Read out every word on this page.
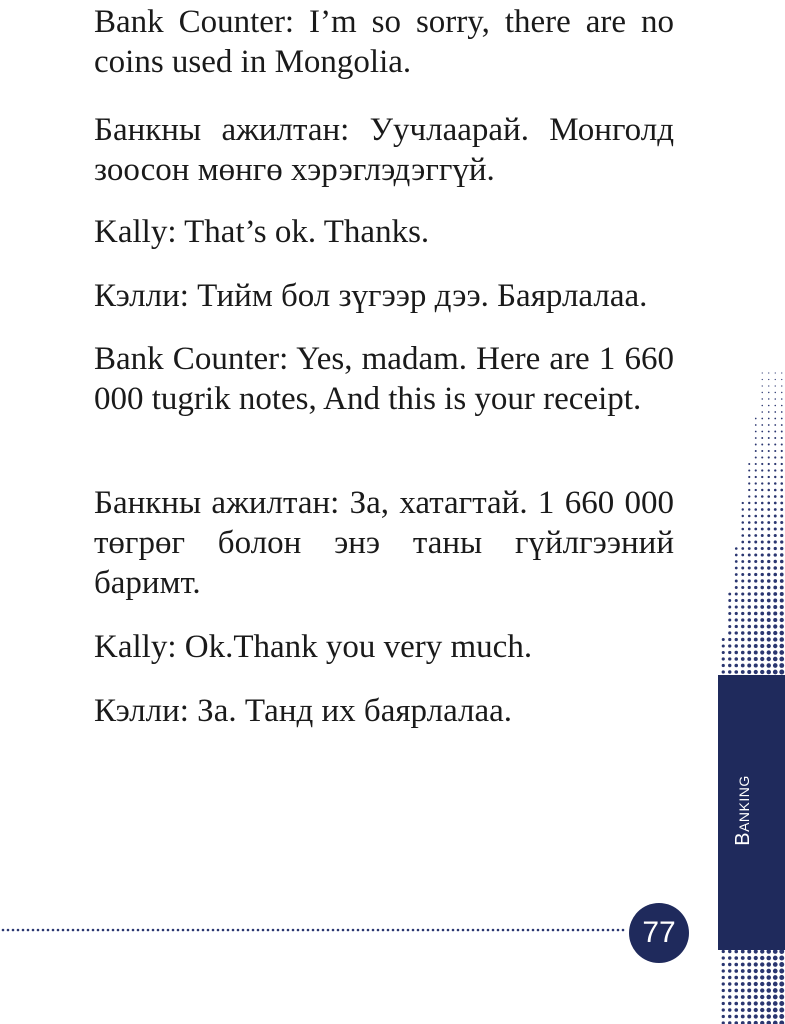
Bank Counter: I’m so sorry, there are no coins used in Mongolia.

Банкны ажилтан: Уучлаарай. Монголд зоосон мөнгө хэрэглэдэггүй.

Kally: That’s ok. Thanks.

Кэлли: Тийм бол зүгээр дээ. Баярлалаа.

Bank Counter: Yes, madam. Here are 1 660 000 tugrik notes, And this is your receipt.

Банкны ажилтан: За, хатагтай. 1 660 000 төгрөг болон энэ таны гүйлгээний баримт.

Kally: Ok.Thank you very much.

Кэлли: За. Танд их баярлалаа.

Banking
77
